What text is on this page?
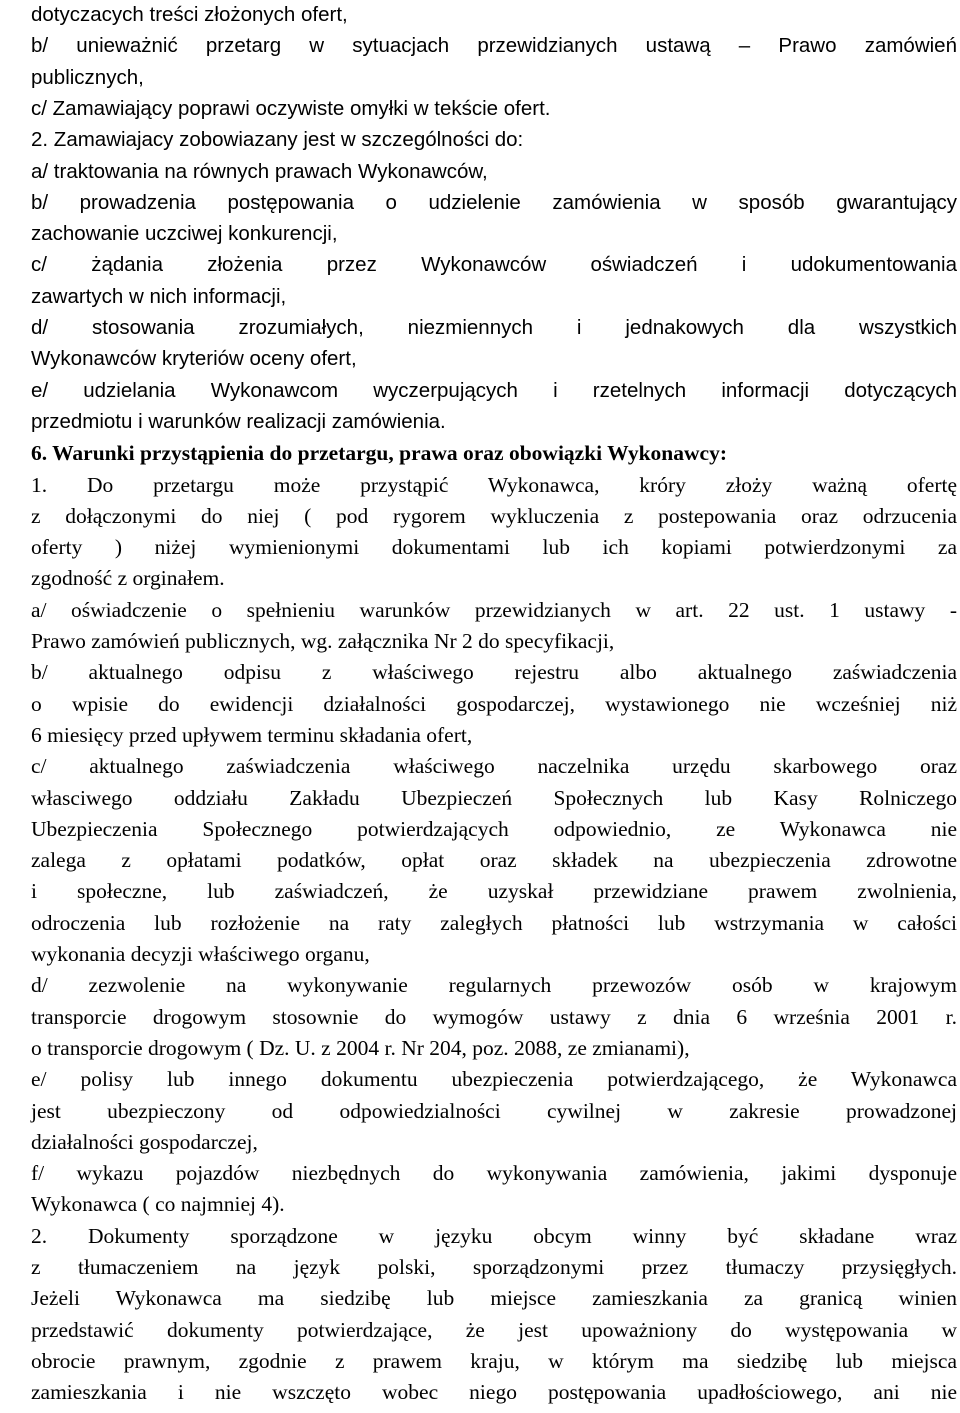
dotyczacych treści złożonych ofert,
b/ unieważnić przetarg w sytuacjach przewidzianych ustawą – Prawo zamówień
publicznych,
c/ Zamawiający poprawi oczywiste omyłki w tekście ofert.
2. Zamawiajacy zobowiazany jest w szczególności do:
a/ traktowania na równych prawach Wykonawców,
b/ prowadzenia postępowania o udzielenie zamówienia w sposób gwarantujący
zachowanie uczciwej konkurencji,
c/ żądania złożenia przez Wykonawców oświadczeń i udokumentowania
zawartych w nich informacji,
d/ stosowania zrozumiałych, niezmiennych i jednakowych dla wszystkich
Wykonawców kryteriów oceny ofert,
e/ udzielania Wykonawcom wyczerpujących i rzetelnych informacji dotyczących
przedmiotu i warunków realizacji zamówienia.
6. Warunki przystąpienia do przetargu, prawa oraz obowiązki Wykonawcy:
1. Do przetargu może przystąpić Wykonawca, króry złoży ważną ofertę
z dołączonymi do niej ( pod rygorem wykluczenia z postepowania oraz odrzucenia
oferty ) niżej wymienionymi dokumentami lub ich kopiami potwierdzonymi za
zgodność z orginałem.
a/ oświadczenie o spełnieniu warunków przewidzianych w art. 22 ust. 1 ustawy -
Prawo zamówień publicznych, wg. załącznika Nr 2 do specyfikacji,
b/ aktualnego odpisu z właściwego rejestru albo aktualnego zaświadczenia
o wpisie do ewidencji działalności gospodarczej, wystawionego nie wcześniej niż
6 miesięcy przed upływem terminu składania ofert,
c/ aktualnego zaświadczenia właściwego naczelnika urzędu skarbowego oraz
własciwego oddziału Zakładu Ubezpieczeń Społecznych lub Kasy Rolniczego
Ubezpieczenia Społecznego potwierdzających odpowiednio, ze Wykonawca nie
zalega z opłatami podatków, opłat oraz składek na ubezpieczenia zdrowotne
i społeczne, lub zaświadczeń, że uzyskał przewidziane prawem zwolnienia,
odroczenia lub rozłożenie na raty zaległych płatności lub wstrzymania w całości
wykonania decyzji właściwego organu,
d/ zezwolenie na wykonywanie regularnych przewozów osób w krajowym
transporcie drogowym stosownie do wymogów ustawy z dnia 6 września 2001 r.
o transporcie drogowym ( Dz. U. z 2004 r. Nr 204, poz. 2088, ze zmianami),
e/ polisy lub innego dokumentu ubezpieczenia potwierdzającego, że Wykonawca
jest ubezpieczony od odpowiedzialności cywilnej w zakresie prowadzonej
działalności gospodarczej,
f/ wykazu pojazdów niezbędnych do wykonywania zamówienia, jakimi dysponuje
Wykonawca ( co najmniej 4).
2. Dokumenty sporządzone w języku obcym winny być składane wraz
z tłumaczeniem na język polski, sporządzonymi przez tłumaczy przysięgłych.
Jeżeli Wykonawca ma siedzibę lub miejsce zamieszkania za granicą winien
przedstawić dokumenty potwierdzające, że jest upoważniony do występowania w
obrocie prawnym, zgodnie z prawem kraju, w którym ma siedzibę lub miejsca
zamieszkania i nie wszczęto wobec niego postępowania upadłościowego, ani nie
